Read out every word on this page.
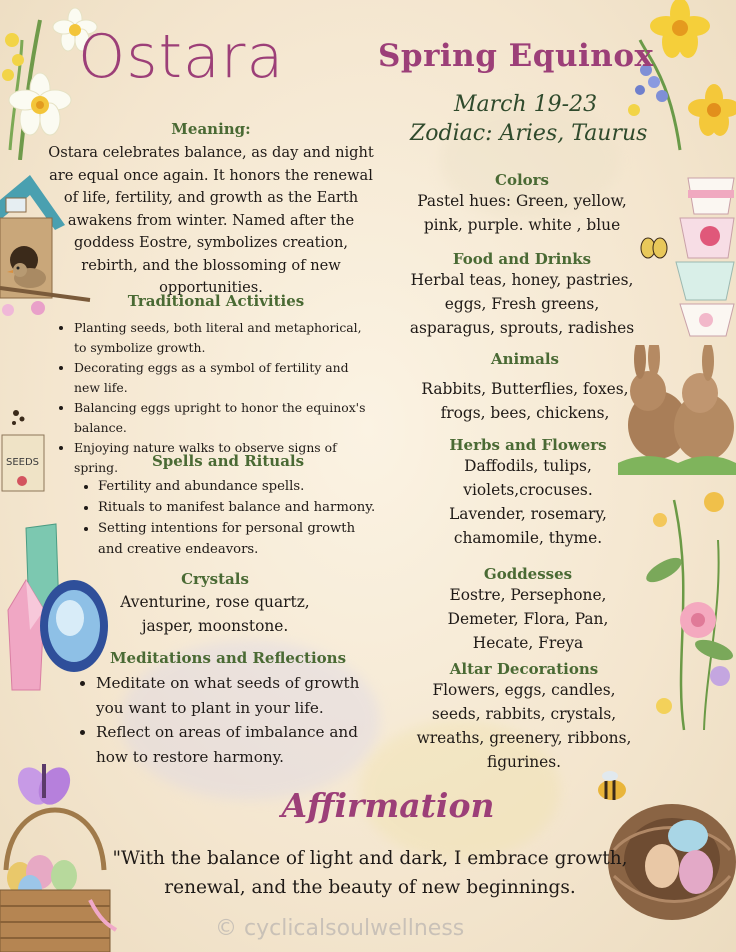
SEEDS
Ostara	Spring Equinox
March 19-23
Zodiac: Aries, Taurus
Meaning:

Ostara celebrates balance, as day and night are equal once again. It honors the renewal of life, fertility, and growth as the Earth awakens from winter. Named after the goddess Eostre, symbolizes creation, rebirth, and the blossoming of new opportunities.

Traditional Activities
• Planting seeds, both literal and metaphorical, to symbolize growth.
• Decorating eggs as a symbol of fertility and new life.
• Balancing eggs upright to honor the equinox's balance.
• Enjoying nature walks to observe signs of spring.	Spells and Rituals
• Fertility and abundance spells.
• Rituals to manifest balance and harmony.
• Setting intentions for personal growth and creative endeavors.
Crystals

Aventurine, rose quartz, jasper, moonstone.

Meditations and Reflections
• Meditate on what seeds of growth you want to plant in your life.
• Reflect on areas of imbalance and how to restore harmony.
Colors

Pastel hues: Green, yellow, pink, purple. white , blue

Food and Drinks

Herbal teas, honey, pastries, eggs, Fresh greens, asparagus, sprouts, radishes

Animals

Rabbits, Butterflies, foxes, frogs, bees, chickens,

Herbs and Flowers

Daffodils, tulips, violets,crocuses. Lavender, rosemary, chamomile, thyme.

Goddesses

Eostre, Persephone, Demeter, Flora, Pan, Hecate, Freya

Altar Decorations

Flowers, eggs, candles, seeds, rabbits, crystals, wreaths, greenery, ribbons, figurines.

Affirmation

"With the balance of light and dark, I embrace growth, renewal, and the beauty of new beginnings.

© cyclicalsoulwellness
